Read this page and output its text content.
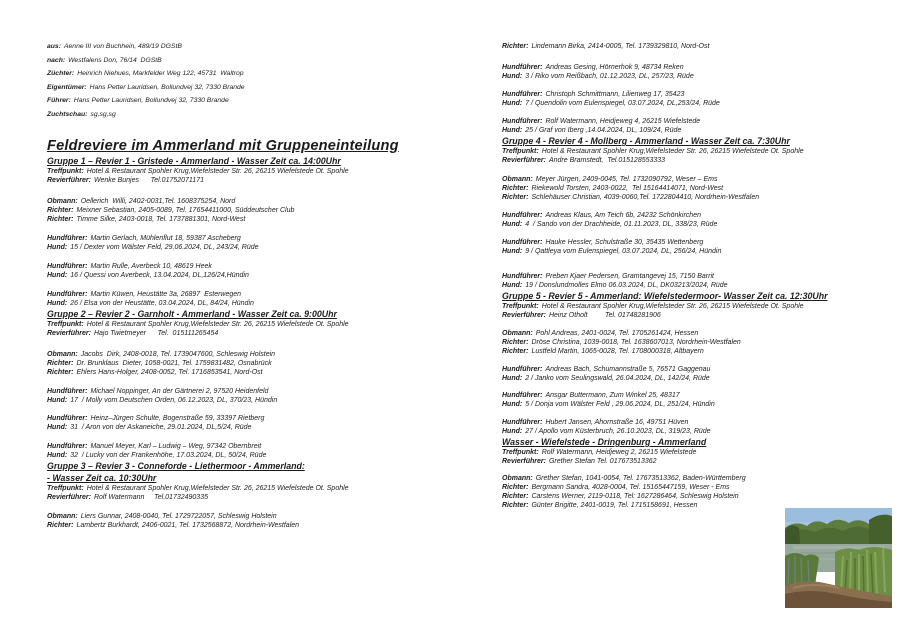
aus: Aenne III von Buchhein, 489/19 DGStB

nach: Westfalens Don, 76/14  DGStB

Züchter: Heinrich Niehues, Markfelder Weg 122, 45731  Waltrop

Eigentümer: Hans Petter Lauridsen, Bollundvej 32, 7330 Brande

Führer: Hans Petter Lauridsen, Bollundvej 32, 7330 Brande

Zuchtschau: sg,sg,sg

Feldreviere im Ammerland mit Gruppeneinteilung
Gruppe 1 – Revier 1 - Gristede - Ammerland - Wasser Zeit ca. 14:00Uhr

Treffpunkt: Hotel & Restaurant Spohler Krug,Wiefelsteder Str. 26, 26215 Wiefelstede Ot. Spohle

Revierführer: Wenke Bunjes      Tel.01752071171

Obmann: Oellerich  Willi, 2402-0031,Tel. 1608375254, Nord

Richter: Meixner Sebastian, 2405-0089, Tel. 17654411000, Süddeutscher Club

Richter: Timme Silke, 2403-0018, Tel. 1737881301, Nord-West

Hundführer: Martin Gerlach, Mühlenflut 18, 59387 Ascheberg

Hund: 15 / Dexter vom Wälster Feld, 29.06.2024, DL, 243/24, Rüde

Hundführer: Martin Rulle, Averbeck 10, 48619 Heek

Hund: 16 / Quessi von Averbeck, 13.04.2024, DL,126/24,Hündin

Hundführer: Martin Küwen, Heustätte 3a, 26897  Esterwegen

Hund: 26 / Elsa von der Heustätte, 03.04.2024, DL, 84/24, Hündin

Gruppe 2 – Revier 2 - Garnholt - Ammerland - Wasser Zeit ca. 9:00Uhr

Treffpunkt: Hotel & Restaurant Spohler Krug,Wiefelsteder Str. 26, 26215 Wiefelstede Ot. Spohle

Revierführer: Hajo Twietmeyer      Tel.  015111265454

Obmann: Jacobs  Dirk, 2408-0018, Tel. 1739047600, Schleswig Holstein

Richter: Dr. Brunklaus  Dieter, 1058-0021, Tel. 1759831482, Osnabrück

Richter: Ehlers Hans-Holger, 2408-0052, Tel. 1716853541, Nord-Ost

Hundführer: Michael Noppinger, An der Gärtnerei 2, 97520 Heidenfeld

Hund: 17  / Molly vom Deutschen Orden, 06.12.2023, DL, 370/23, Hündin

Hundführer: Heinz–Jürgen Schulte, Bogenstraße 59, 33397 Rietberg

Hund: 31  / Aron von der Askaneiche, 29.01.2024, DL,5/24, Rüde

Hundführer: Manuel Meyer, Karl – Ludwig – Weg, 97342 Obernbreit

Hund: 32  / Lucky von der Frankenhöhe, 17.03.2024, DL, 50/24, Rüde

Gruppe 3 – Revier 3 - Conneforde - Liethermoor - Ammerland:
- Wasser Zeit ca. 10:30Uhr

Treffpunkt: Hotel & Restaurant Spohler Krug,Wiefelsteder Str. 26, 26215 Wiefelstede Ot. Spohle

Revierführer: Rolf Watermann     Tel.01732490335

Obmann: Liers Gunnar, 2408-0040, Tel. 1729722057, Schleswig Holstein

Richter: Lambertz Burkhardt, 2406-0021, Tel. 1732568872, Nordrhein-Westfalen

Richter: Lindemann Birka, 2414-0005, Tel. 1739329810, Nord-Ost

Hundführer: Andreas Gesing, Hörnerhok 9, 48734 Reken

Hund: 3 / Riko vom Reißbach, 01.12.2023, DL, 257/23, Rüde

Hundführer: Christoph Schmittmann, Lilienweg 17, 35423

Hund: 7 / Quendolin vom Eulenspiegel, 03.07.2024, DL,253/24, Rüde

Hundführer: Rolf Watermann, Heidjeweg 4, 26215 Wiefelstede

Hund: 25 / Graf von Iberg ,14.04.2024, DL, 109/24, Rüde

Gruppe 4 - Revier 4 - Mollberg - Ammerland - Wasser Zeit ca. 7:30Uhr

Treffpunkt: Hotel & Restaurant Spohler Krug,Wiefelsteder Str. 26, 26215 Wiefelstede Ot. Spohle

Revierführer: Andre Bramstedt,  Tel.015128553333

Obmann: Meyer Jürgen, 2409-0045, Tel. 1732090792, Weser – Ems

Richter: Riekewold Torsten, 2403-0022,  Tel 15164414071, Nord-West

Richter: Schlehäuser Christian, 4039-0060,Tel. 1722804410, Nordrhein-Westfalen

Hundführer: Andreas Klaus, Am Teich 6b, 24232 Schönkirchen

Hund: 4  / Sando von der Drachheide, 01.11.2023, DL, 338/23, Rüde

Hundführer: Hauke Hessler, Schulstraße 30, 35435 Wettenberg

Hund: 9 / Qattleya vom Eulenspiegel, 03.07.2024, DL, 256/24, Hündin

Hundführer: Preben Kjaer Pedersen, Gramtangevej 15, 7150 Barrit

Hund: 19 / Donslundmolles Elmo 06.03.2024, DL, DK03213/2024, Rüde

Gruppe 5 - Revier 5 - Ammerland: Wiefelstedermoor- Wasser Zeit ca. 12:30Uhr

Treffpunkt: Hotel & Restaurant Spohler Krug,Wiefelsteder Str. 26, 26215 Wiefelstede Ot. Spohle

Revierführer: Heinz Otholt         Tel. 01748281906

Obmann: Pohl Andreas, 2401-0024, Tel. 1705261424, Hessen

Richter: Dröse Christina, 1039-0018, Tel. 1638607013, Nordrhein-Westfalen

Richter: Lustfeld Martin, 1065-0028, Tel. 1708000318, Altbayern

Hundführer: Andreas Bach, Schumannstraße 5, 76571 Gaggenau

Hund: 2 / Janko vom Seulingswald, 26.04.2024, DL, 142/24, Rüde

Hundführer: Ansgar Buttermann, Zum Winkel 25, 48317

Hund: 5 / Donja vom Wälster Feld , 29.06.2024, DL, 251/24, Hündin

Hundführer: Hubert Jansen, Ahornstraße 16, 49751 Hüven

Hund: 27 / Apollo vom Küsterbruch, 26.10.2023, DL, 319/23, Rüde

Wasser - Wiefelstede - Dringenburg - Ammerland

Treffpunkt: Rolf Watermann, Heidjeweg 2, 26215 Wiefelstede

Revierführer: Grether Stefan Tel. 017673513362

Obmann: Grether Stefan, 1041-0054, Tel. 17673513362, Baden-Württemberg

Richter: Bergmann Sandra, 4028-0004, Tel. 15165447159, Weser - Ems

Richter: Carstens Werner, 2119-0118, Tel: 1627286464, Schleswig Holstein

Richter: Günter Brigitte, 2401-0019, Tel. 1715158691, Hessen
